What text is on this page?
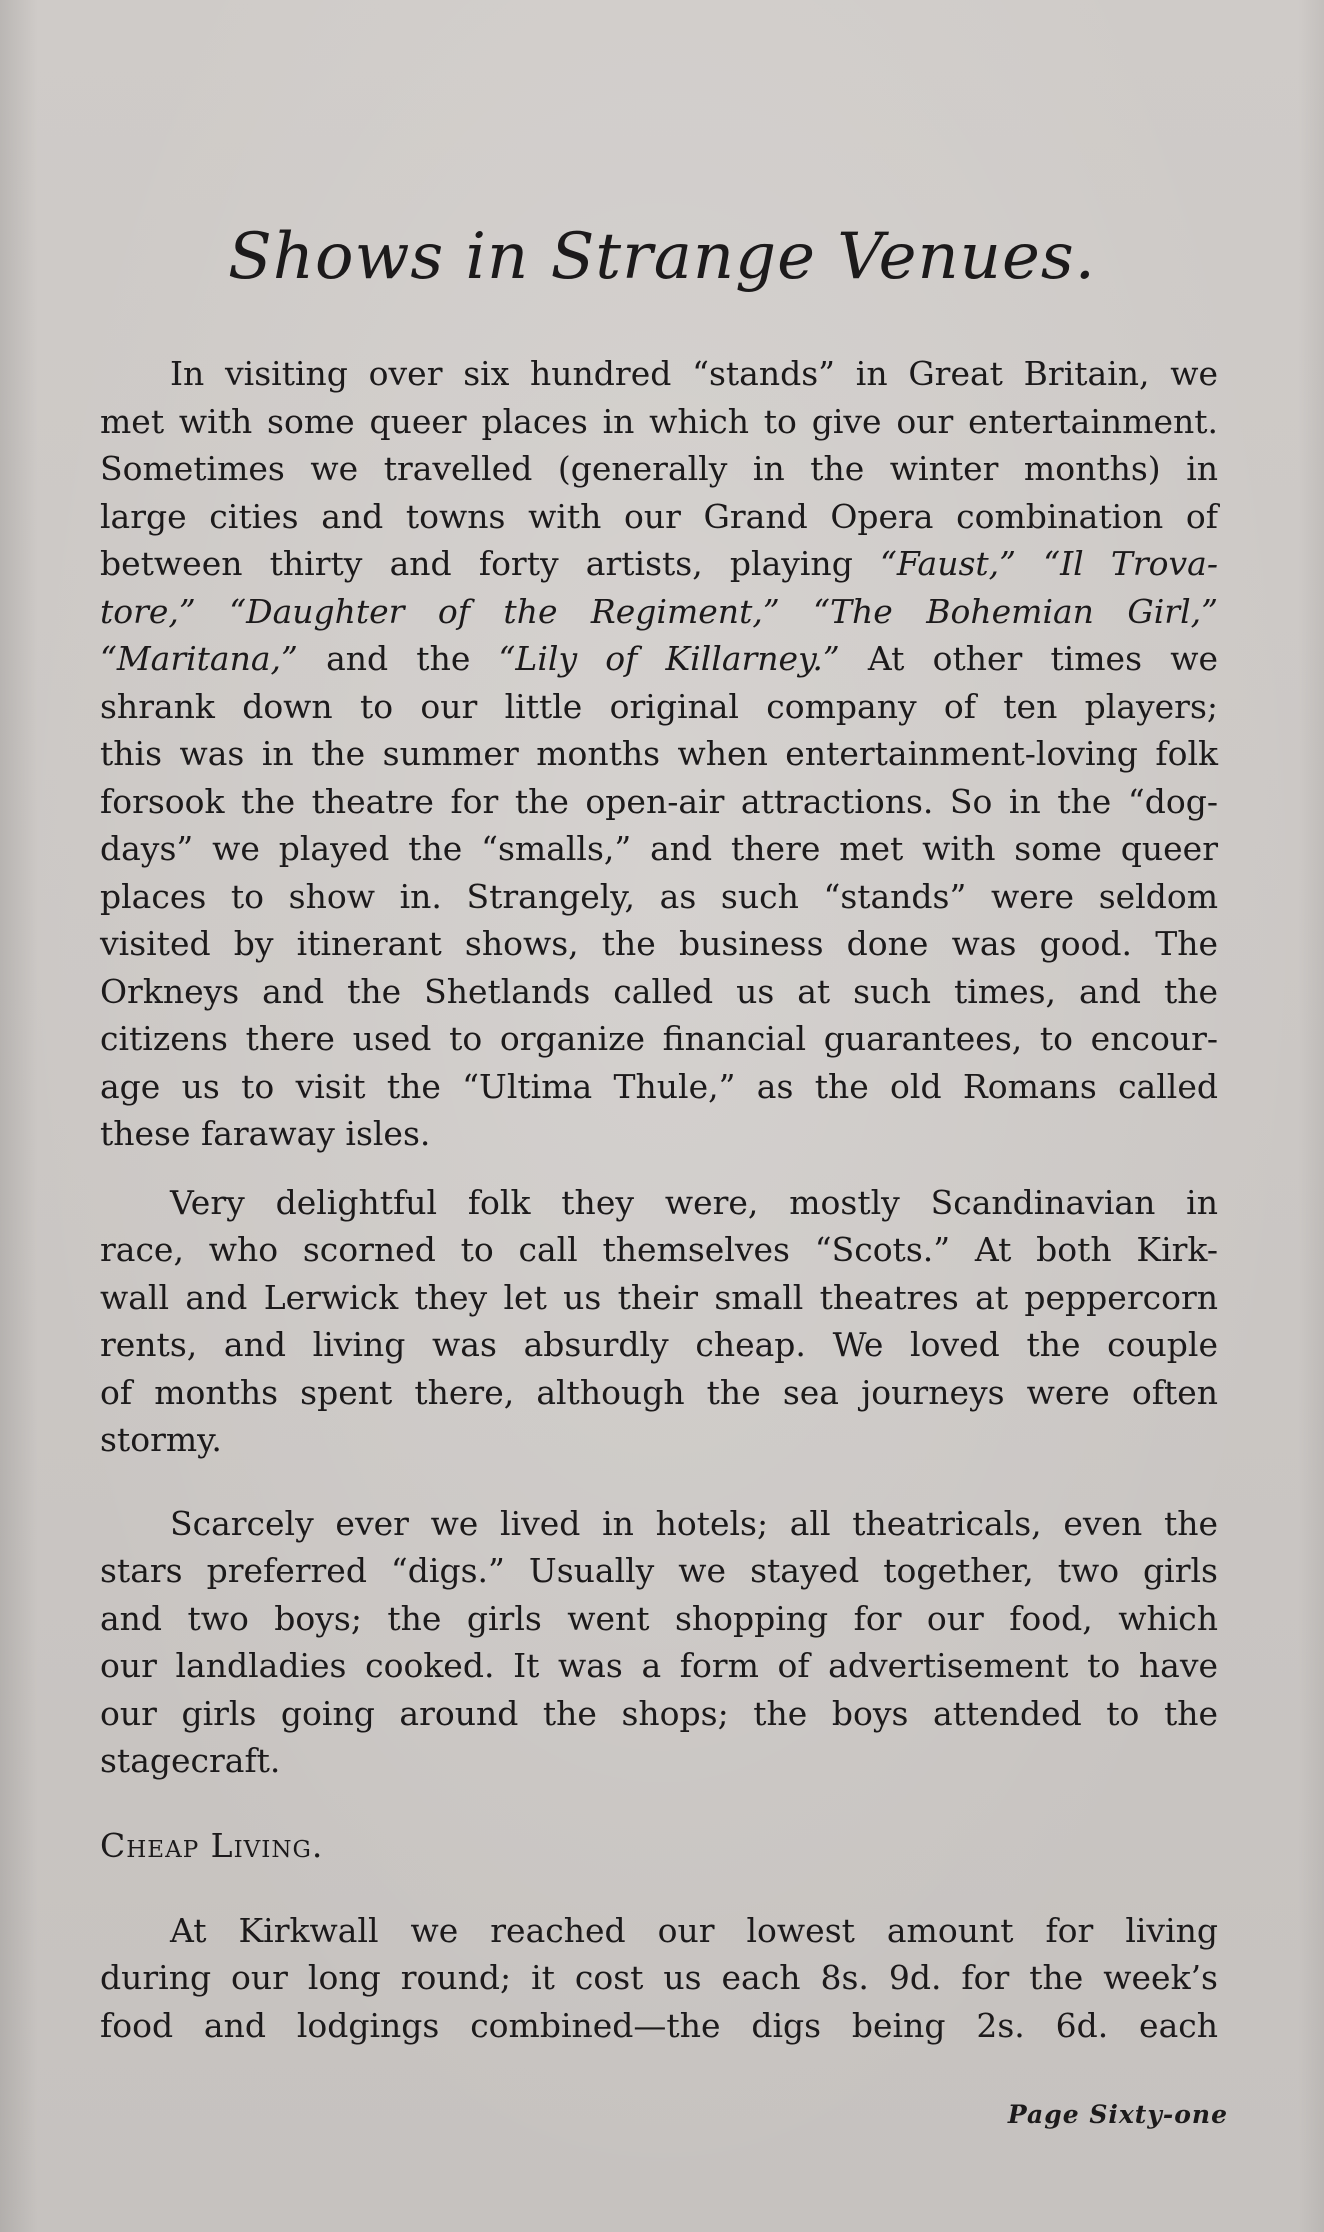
Shows in Strange Venues.
In visiting over six hundred “stands” in Great Britain, we
met with some queer places in which to give our entertainment.
Sometimes we travelled (generally in the winter months) in
large cities and towns with our Grand Opera combination of
between thirty and forty artists, playing “Faust,” “Il Trova-
tore,” “Daughter of the Regiment,” “The Bohemian Girl,”
“Maritana,” and the “Lily of Killarney.” At other times we
shrank down to our little original company of ten players;
this was in the summer months when entertainment-loving folk
forsook the theatre for the open-air attractions. So in the “dog-
days” we played the “smalls,” and there met with some queer
places to show in. Strangely, as such “stands” were seldom
visited by itinerant shows, the business done was good. The
Orkneys and the Shetlands called us at such times, and the
citizens there used to organize financial guarantees, to encour-
age us to visit the “Ultima Thule,” as the old Romans called
these faraway isles.
Very delightful folk they were, mostly Scandinavian in
race, who scorned to call themselves “Scots.” At both Kirk-
wall and Lerwick they let us their small theatres at peppercorn
rents, and living was absurdly cheap. We loved the couple
of months spent there, although the sea journeys were often
stormy.
Scarcely ever we lived in hotels; all theatricals, even the
stars preferred “digs.” Usually we stayed together, two girls
and two boys; the girls went shopping for our food, which
our landladies cooked. It was a form of advertisement to have
our girls going around the shops; the boys attended to the
stagecraft.
Cheap Living.
At Kirkwall we reached our lowest amount for living
during our long round; it cost us each 8s. 9d. for the week’s
food and lodgings combined—the digs being 2s. 6d. each
Page Sixty-one
